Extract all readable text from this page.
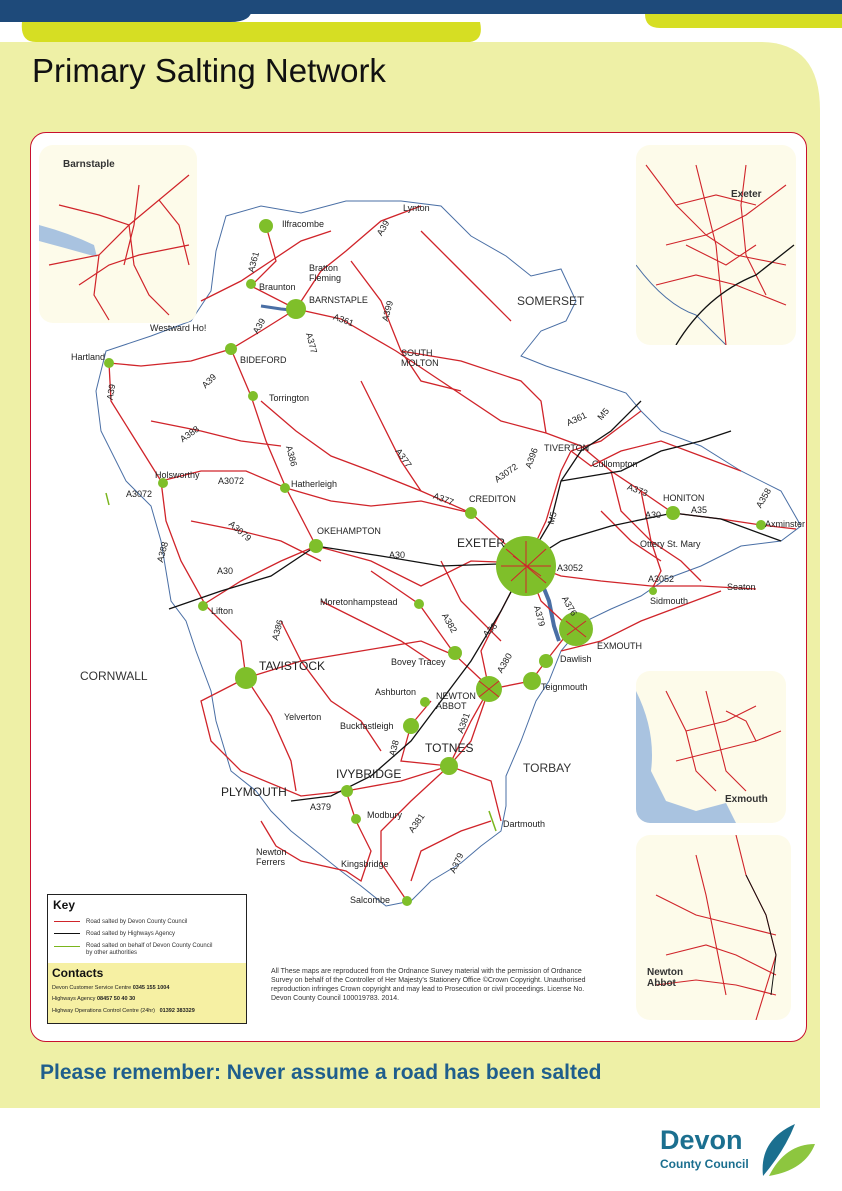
Primary Salting Network
Ilfracombe
Lynton
Braunton
Bratton
Fleming
BARNSTAPLE
Westward Ho!
BIDEFORD
Hartland	SOUTH
MOLTON
Torrington
Holsworthy
Hatherleigh
OKEHAMPTON
CREDITON
TIVERTON
Cullompton
HONITON
Axminster
Ottery St. Mary
EXETER
Sidmouth
Seaton
EXMOUTH
Dawlish
Teignmouth
Moretonhampstead
Lifton
Bovey Tracey
TAVISTOCK
Ashburton NEWTON
ABBOT
Buckfastleigh
Yelverton
TOTNES
IVYBRIDGE
PLYMOUTH
Modbury
Dartmouth
Newton
Ferrers	Kingsbridge
Salcombe
SOMERSET
CORNWALL
TORBAY
A39
A361
A399
A361
A39
A377
A39
A39
A388
A3072
A3072
A386
A3079
A377
A377
A3072
A396
A361 M5
A373	A358
A30	A35
M5
A3052
A3052
A30
A30
A388
A386	A382 A38
A379 A376
A380
A381
A38
A379
A381
A379
Barnstaple
Exeter
Exmouth
Newton
Abbot
Key
Road salted by Devon County Council
Road salted by Highways Agency
Road salted on behalf of Devon County Council by other authorities
Contacts
Devon Customer Service Centre 0345 155 1004
Highways Agency 08457 50 40 30
Highway Operations Control Centre (24hr) 01392 383329
All These maps are reproduced from the Ordnance Survey material with the permission of Ordnance Survey on behalf of the Controller of Her Majesty's Stationery Office ©Crown Copyright. Unauthorised reproduction infringes Crown copyright and may lead to Prosecution or civil proceedings. License No. Devon County Council 100019783. 2014.
Please remember: Never assume a road has been salted
Devon
County Council
